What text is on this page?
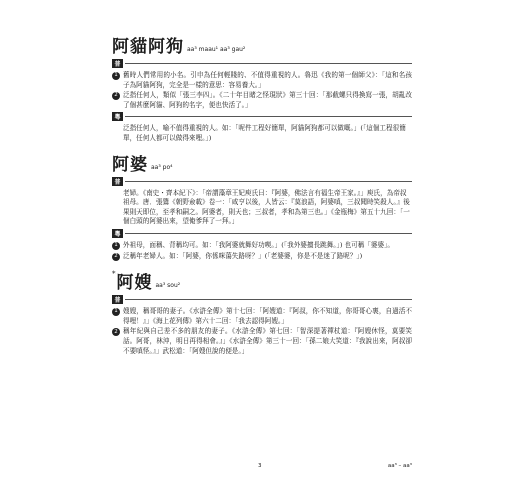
阿貓阿狗 aa³ maau¹ aa³ gau²
普
1 舊時人們常用的小名。引申為任何輕賤的、不值得重視的人。魯迅《我的第一個師父》：「這和名孩子為阿貓阿狗，完全是一樣的意思：容易養大。」
2 泛指任何人，類似「張三李四」。《二十年目睹之怪現狀》第三十回：「那截螺只得換寫一張，胡亂改了個甚麼阿貓、阿狗的名字，便也快活了。」
粵
泛指任何人，喻不值得重視的人。如：「呢件工程好簡單，阿貓阿狗都可以做嘅。」(「這個工程很簡單，任何人都可以做得來哩。」)
阿婆 aa³ po⁴
普
老婦。《南史・齊本紀下》：「帝謂藻章王妃庾氏曰：『阿婆，佛法言有福生帝王家。』」庾氏，為帝叔祖母。唐．張鷟《朝野僉載》卷一：「咸亨以後，人皆云：『莫浪語，阿婆嗔，三叔聞時笑殺人。』後果則天即位，至孝和嗣之。阿婆者，則天也；三叔者，孝和為第三也。」《金瓶梅》第五十九回：「一個白頭的阿婆出來，望俺爹拜了一拜。」
粵
1 外祖母，面稱、背稱均可。如：「我阿婆就舞好功喫。」(「我外婆擅長跳舞。」) 也可稱「婆婆」。
2 泛稱年老婦人。如：「阿婆，你係咪蕩失路呀？」(「老婆婆，你是不是迷了路呢？」)
* 阿嫂 aa³ sou²
普
1 嫂嫂，稱哥哥的妻子。《水滸全傳》第十七回：「阿嫂道：『阿叔，你不知道，你哥哥心裏，自過活不得哩！』」《海上花列傳》第六十二回：「我去認得阿嫂。」
2 稱年紀與自己差不多的朋友的妻子。《水滸全傳》第七回：「智深提著禪杖道：『阿嫂休怪，莫要笑話。阿哥，林沖，明日再得相會。』」《水滸全傳》第三十一回：「孫二娘大笑道：『我說出來，阿叔卻不要嗔怪。』」武松道：「阿嫂但說的便是。」
3	aa³ – aa³
